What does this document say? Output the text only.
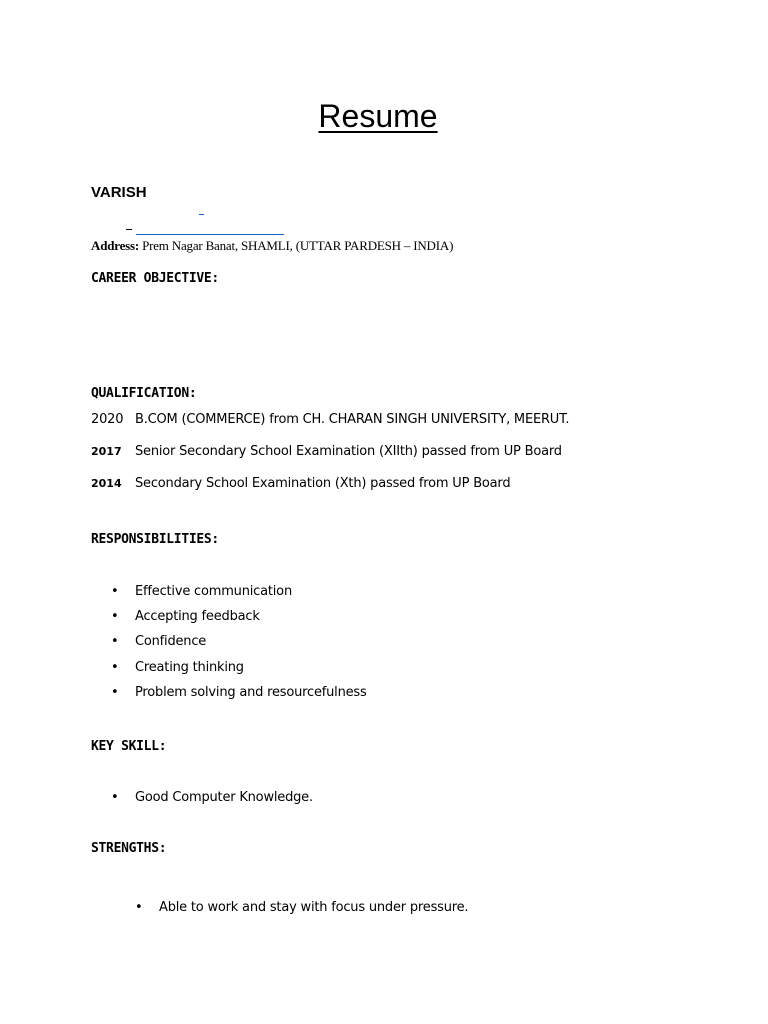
Resume
VARISH
Address: Prem Nagar Banat, SHAMLI, (UTTAR PARDESH – INDIA)
CAREER OBJECTIVE:
QUALIFICATION:
2020 B.COM (COMMERCE) from CH. CHARAN SINGH UNIVERSITY, MEERUT.
2017 Senior Secondary School Examination (XIIth) passed from UP Board
2014 Secondary School Examination (Xth) passed from UP Board
RESPONSIBILITIES:
• Effective communication
• Accepting feedback
• Confidence
• Creating thinking
• Problem solving and resourcefulness
KEY SKILL:
• Good Computer Knowledge.
STRENGTHS:
• Able to work and stay with focus under pressure.
